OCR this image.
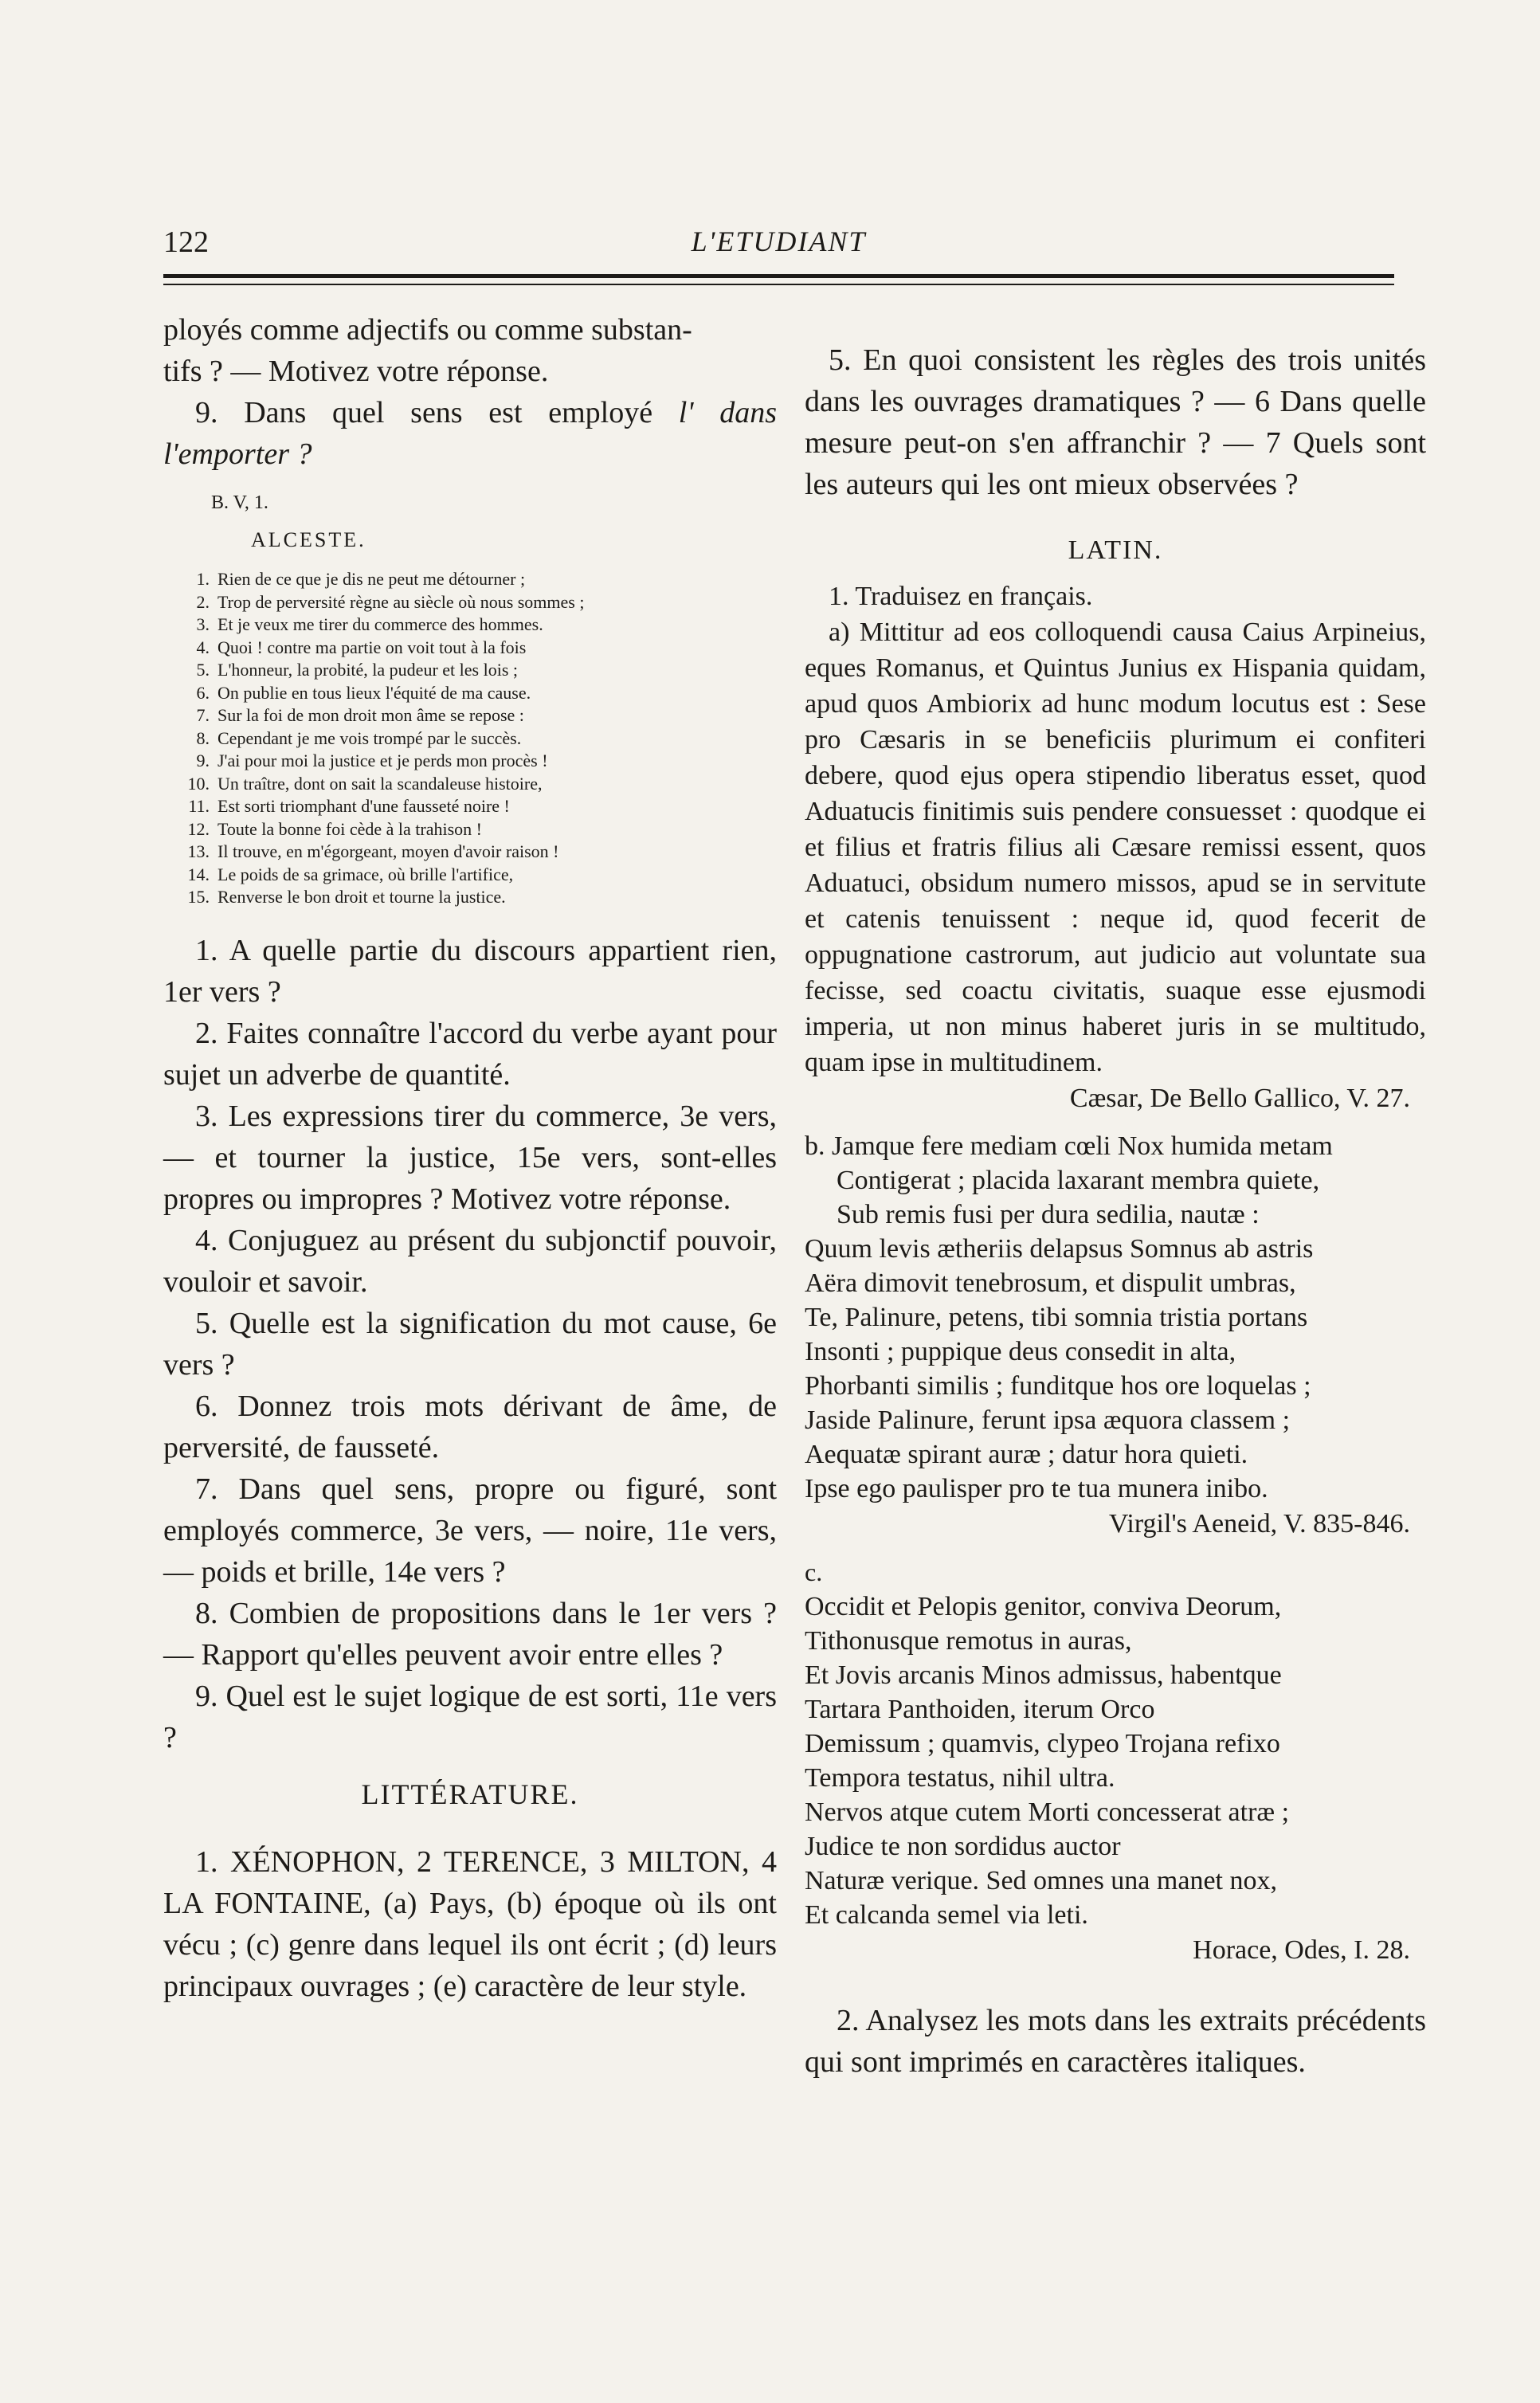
122	L'ETUDIANT

ployés comme adjectifs ou comme substan-

tifs ? — Motivez votre réponse.

9. Dans quel sens est employé l' dans l'emporter ?

B. V, 1.

ALCESTE.

1. Rien de ce que je dis ne peut me détourner ;
2. Trop de perversité règne au siècle où nous sommes ;
3. Et je veux me tirer du commerce des hommes.
4. Quoi ! contre ma partie on voit tout à la fois
5. L'honneur, la probité, la pudeur et les lois ;
6. On publie en tous lieux l'équité de ma cause.
7. Sur la foi de mon droit mon âme se repose :
8. Cependant je me vois trompé par le succès.
9. J'ai pour moi la justice et je perds mon procès !
10. Un traître, dont on sait la scandaleuse histoire,
11. Est sorti triomphant d'une fausseté noire !
12. Toute la bonne foi cède à la trahison !
13. Il trouve, en m'égorgeant, moyen d'avoir raison !
14. Le poids de sa grimace, où brille l'artifice,
15. Renverse le bon droit et tourne la justice.
1. A quelle partie du discours appartient rien, 1er vers ?
2. Faites connaître l'accord du verbe ayant pour sujet un adverbe de quantité.
3. Les expressions tirer du commerce, 3e vers, — et tourner la justice, 15e vers, sont-elles propres ou impropres ? Motivez votre réponse.
4. Conjuguez au présent du subjonctif pouvoir, vouloir et savoir.
5. Quelle est la signification du mot cause, 6e vers ?
6. Donnez trois mots dérivant de âme, de perversité, de fausseté.
7. Dans quel sens, propre ou figuré, sont employés commerce, 3e vers, — noire, 11e vers, — poids et brille, 14e vers ?
8. Combien de propositions dans le 1er vers ? — Rapport qu'elles peuvent avoir entre elles ?
9. Quel est le sujet logique de est sorti, 11e vers ?
LITTÉRATURE.

1. XÉNOPHON, 2 TERENCE, 3 MILTON, 4 LA FONTAINE, (a) Pays, (b) époque où ils ont vécu ; (c) genre dans lequel ils ont écrit ; (d) leurs principaux ouvrages ; (e) caractère de leur style.

5. En quoi consistent les règles des trois unités dans les ouvrages dramatiques ? — 6 Dans quelle mesure peut-on s'en affranchir ? — 7 Quels sont les auteurs qui les ont mieux observées ?

LATIN.

1. Traduisez en français.

a) Mittitur ad eos colloquendi causa Caius Arpineius, eques Romanus, et Quintus Junius ex Hispania quidam, apud quos Ambiorix ad hunc modum locutus est : Sese pro Cæsaris in se beneficiis plurimum ei confiteri debere, quod ejus opera stipendio liberatus esset, quod Aduatucis finitimis suis pendere consuesset : quodque ei et filius et fratris filius ali Cæsare remissi essent, quos Aduatuci, obsidum numero missos, apud se in servitute et catenis tenuissent : neque id, quod fecerit de oppugnatione castrorum, aut judicio aut voluntate sua fecisse, sed coactu civitatis, suaque esse ejusmodi imperia, ut non minus haberet juris in se multitudo, quam ipse in multitudinem.

Cæsar, De Bello Gallico, V. 27.

b. Jamque fere mediam cœli Nox humida metam
Contigerat ; placida laxarant membra quiete,
Sub remis fusi per dura sedilia, nautæ :
Quum levis ætheriis delapsus Somnus ab astris
Aëra dimovit tenebrosum, et dispulit umbras,
Te, Palinure, petens, tibi somnia tristia portans
Insonti ; puppique deus consedit in alta,
Phorbanti similis ; funditque hos ore loquelas ;
Jaside Palinure, ferunt ipsa æquora classem ;
Aequatæ spirant auræ ; datur hora quieti.
Ipse ego paulisper pro te tua munera inibo.

Virgil's Aeneid, V. 835-846.

c.

Occidit et Pelopis genitor, conviva Deorum,
Tithonusque remotus in auras,
Et Jovis arcanis Minos admissus, habentque
Tartara Panthoiden, iterum Orco
Demissum ; quamvis, clypeo Trojana refixo
Tempora testatus, nihil ultra.
Nervos atque cutem Morti concesserat atræ ;
Judice te non sordidus auctor
Naturæ verique. Sed omnes una manet nox,
Et calcanda semel via leti.

Horace, Odes, I. 28.

2. Analysez les mots dans les extraits précédents qui sont imprimés en caractères italiques.
